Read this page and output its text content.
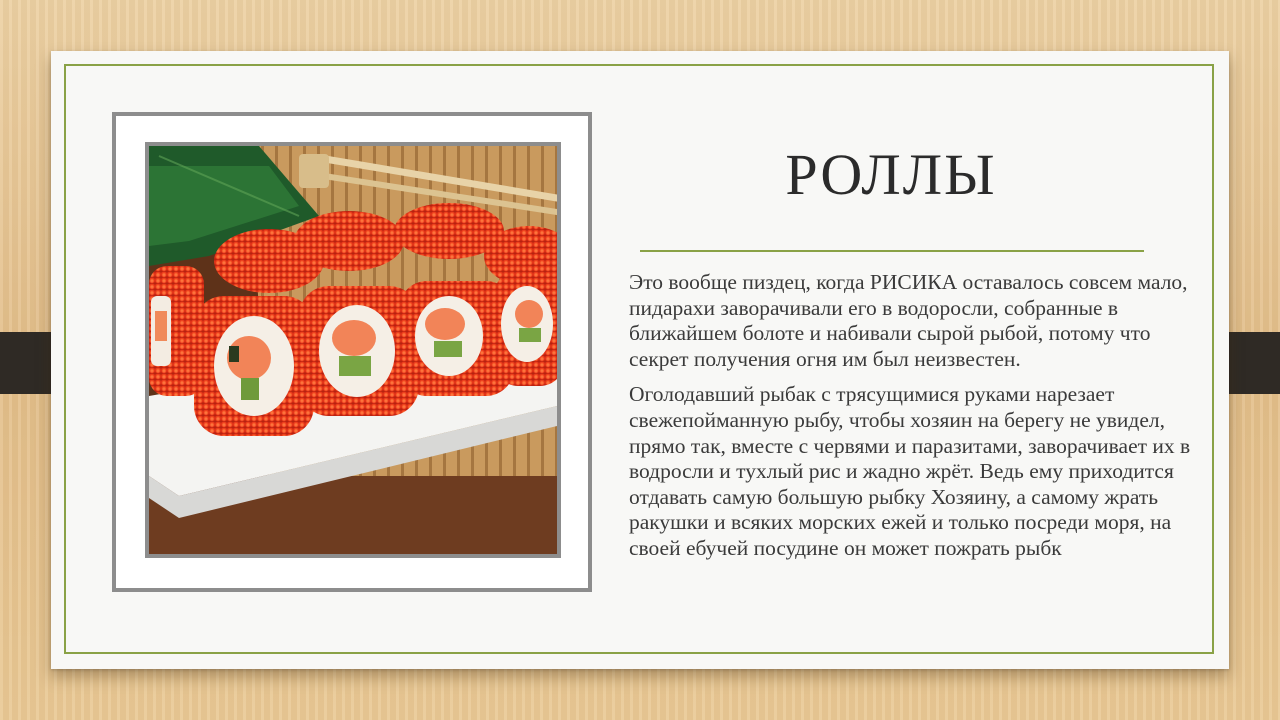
РОЛЛЫ

Это вообще пиздец, когда РИСИКА оставалось совсем мало, пидарахи заворачивали его в водоросли, собранные в ближайшем болоте и набивали сырой рыбой, потому что секрет получения огня им был неизвестен.

Оголодавший рыбак с трясущимися руками нарезает свежепойманную рыбу, чтобы хозяин на берегу не увидел, прямо так, вместе с червями и паразитами, заворачивает их в водросли и тухлый рис и жадно жрёт. Ведь ему приходится отдавать самую большую рыбку Хозяину, а самому жрать ракушки и всяких морских ежей и только посреди моря, на своей ебучей посудине он может пожрать рыбк
